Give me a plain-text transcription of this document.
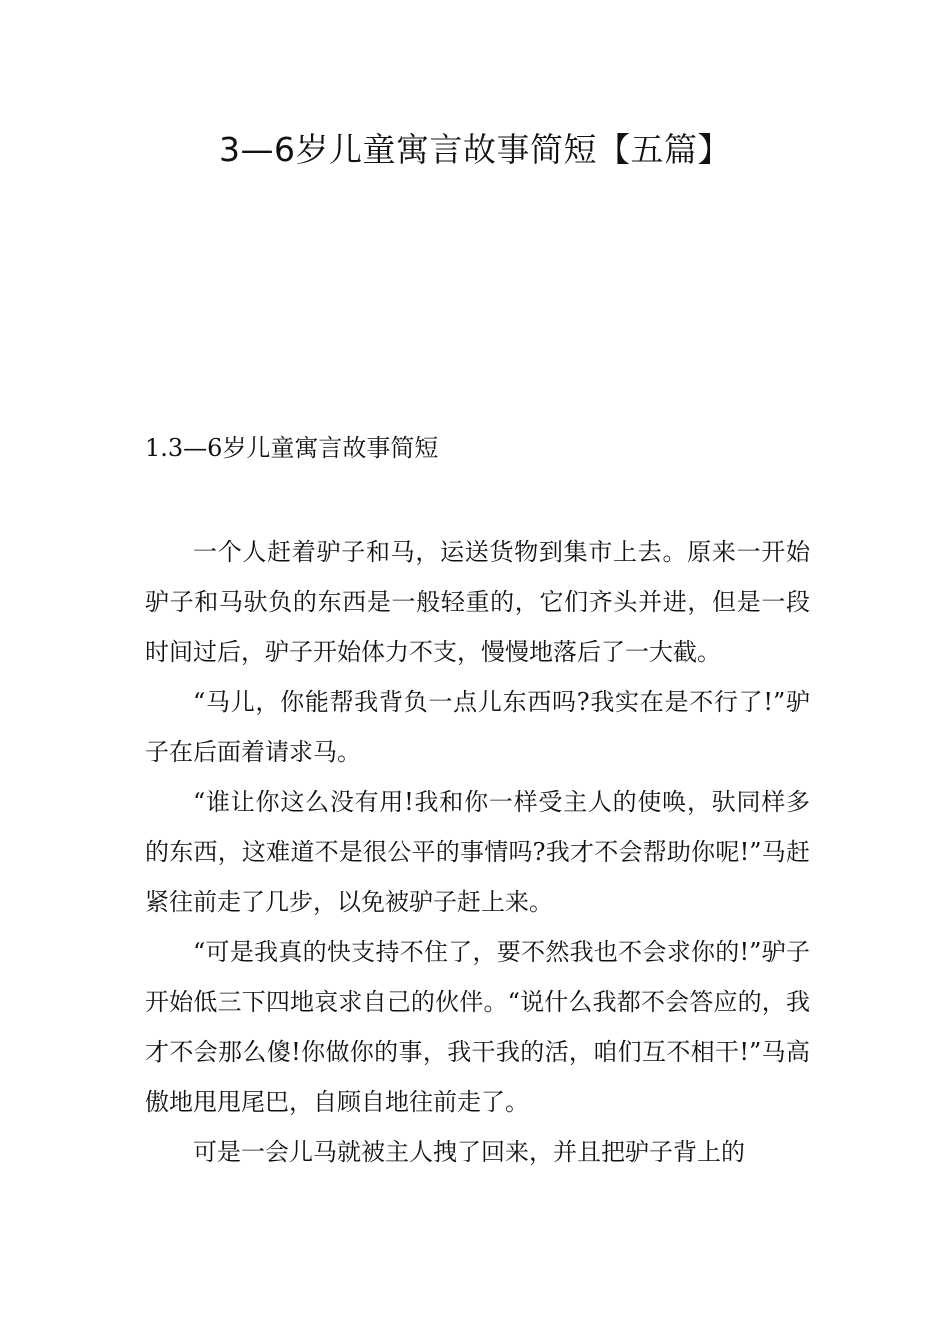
3—6岁儿童寓言故事简短【五篇】
1.3—6岁儿童寓言故事简短

一个人赶着驴子和马，运送货物到集市上去。原来一开始驴子和马驮负的东西是一般轻重的，它们齐头并进，但是一段时间过后，驴子开始体力不支，慢慢地落后了一大截。

“马儿，你能帮我背负一点儿东西吗?我实在是不行了!”驴子在后面着请求马。

“谁让你这么没有用!我和你一样受主人的使唤，驮同样多的东西，这难道不是很公平的事情吗?我才不会帮助你呢!”马赶紧往前走了几步，以免被驴子赶上来。

“可是我真的快支持不住了，要不然我也不会求你的!”驴子开始低三下四地哀求自己的伙伴。“说什么我都不会答应的，我才不会那么傻!你做你的事，我干我的活，咱们互不相干!”马高傲地甩甩尾巴，自顾自地往前走了。

可是一会儿马就被主人拽了回来，并且把驴子背上的
